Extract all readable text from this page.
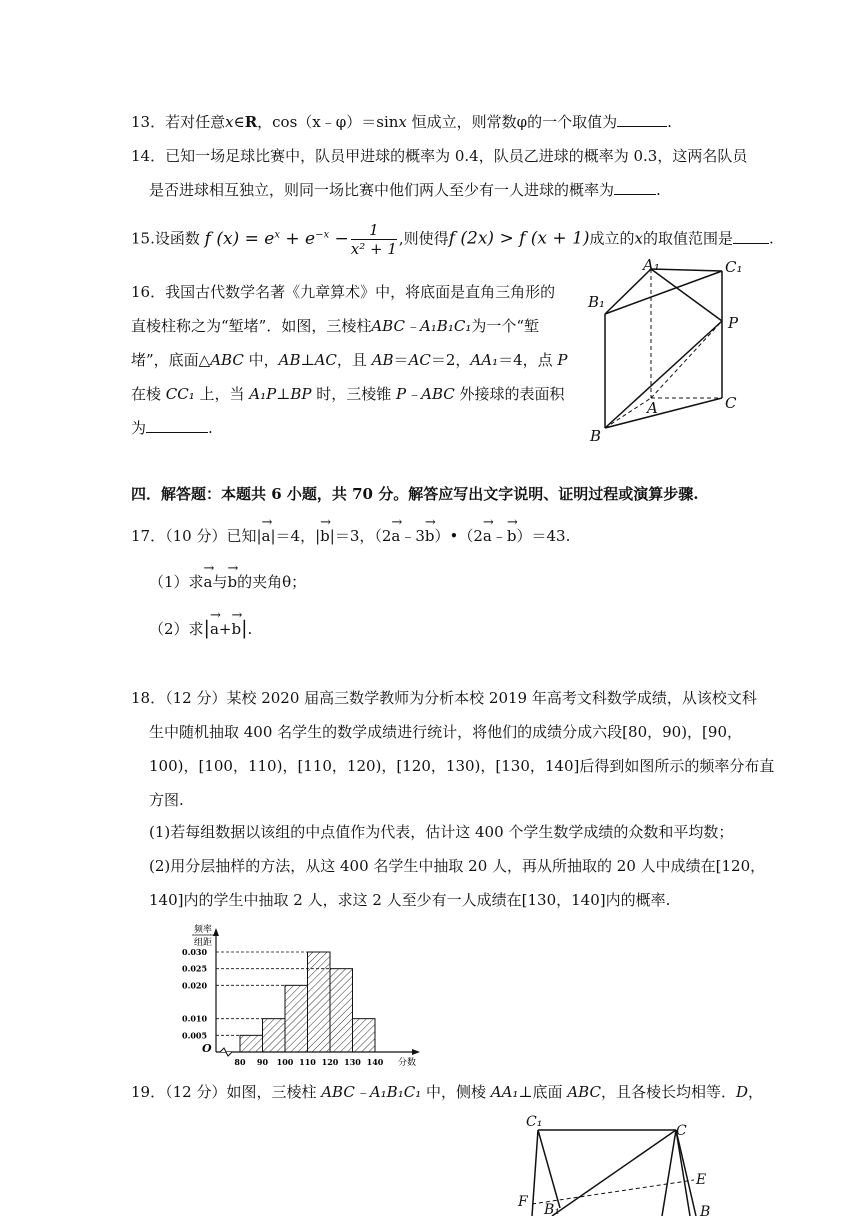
13．若对任意x∈R，cos（x﹣φ）＝sinx 恒成立，则常数φ的一个取值为	.
14．已知一场足球比赛中，队员甲进球的概率为 0.4，队员乙进球的概率为 0.3，这两名队员
是否进球相互独立，则同一场比赛中他们两人至少有一人进球的概率为	.
15.设函数 f $(x) = e^x + e^{-x} - \frac{1}{\text{x² + 1}}$ ,则使得f (2x) > f (x + 1)成立的x的取值范围是 .
16．我国古代数学名著《九章算术》中，将底面是直角三角形的
直棱柱称之为“堑堵”．如图，三棱柱ABC﹣A₁B₁C₁为一个“堑
堵”，底面△ABC 中，AB⊥AC，且 AB＝AC＝2，AA₁＝4，点 P
在棱 CC₁ 上，当 A₁P⊥BP 时，三棱锥 P﹣ABC 外接球的表面积
为	.
A₁	C₁
B₁
P
A	C
B
四．解答题：本题共 6 小题，共 70 分。解答应写出文字说明、证明过程或演算步骤.
17．（10 分）已知|→ a|＝4，|→ b|＝3，（2→ a﹣3→ b）•（2→ a﹣→ b）＝43.
（1）求→ a与→ b的夹角θ；
（2）求|→ a+→ b|.
18．（12 分）某校 2020 届高三数学教师为分析本校 2019 年高考文科数学成绩，从该校文科
生中随机抽取 400 名学生的数学成绩进行统计，将他们的成绩分成六段[80，90)，[90，
100)，[100，110)，[110，120)，[120，130)，[130，140]后得到如图所示的频率分布直
方图.
(1)若每组数据以该组的中点值作为代表，估计这 400 个学生数学成绩的众数和平均数；
(2)用分层抽样的方法，从这 400 名学生中抽取 20 人，再从所抽取的 20 人中成绩在[120，
140]内的学生中抽取 2 人，求这 2 人至少有一人成绩在[130，140]内的概率.
频率
组距
O
0.030
0.025
0.020
0.010
0.005
80 90 100 110 120 130 140 分数
19．（12 分）如图，三棱柱 ABC﹣A₁B₁C₁ 中，侧棱 AA₁⊥底面 ABC，且各棱长均相等．D，
C₁
C
E
F B₁	B
